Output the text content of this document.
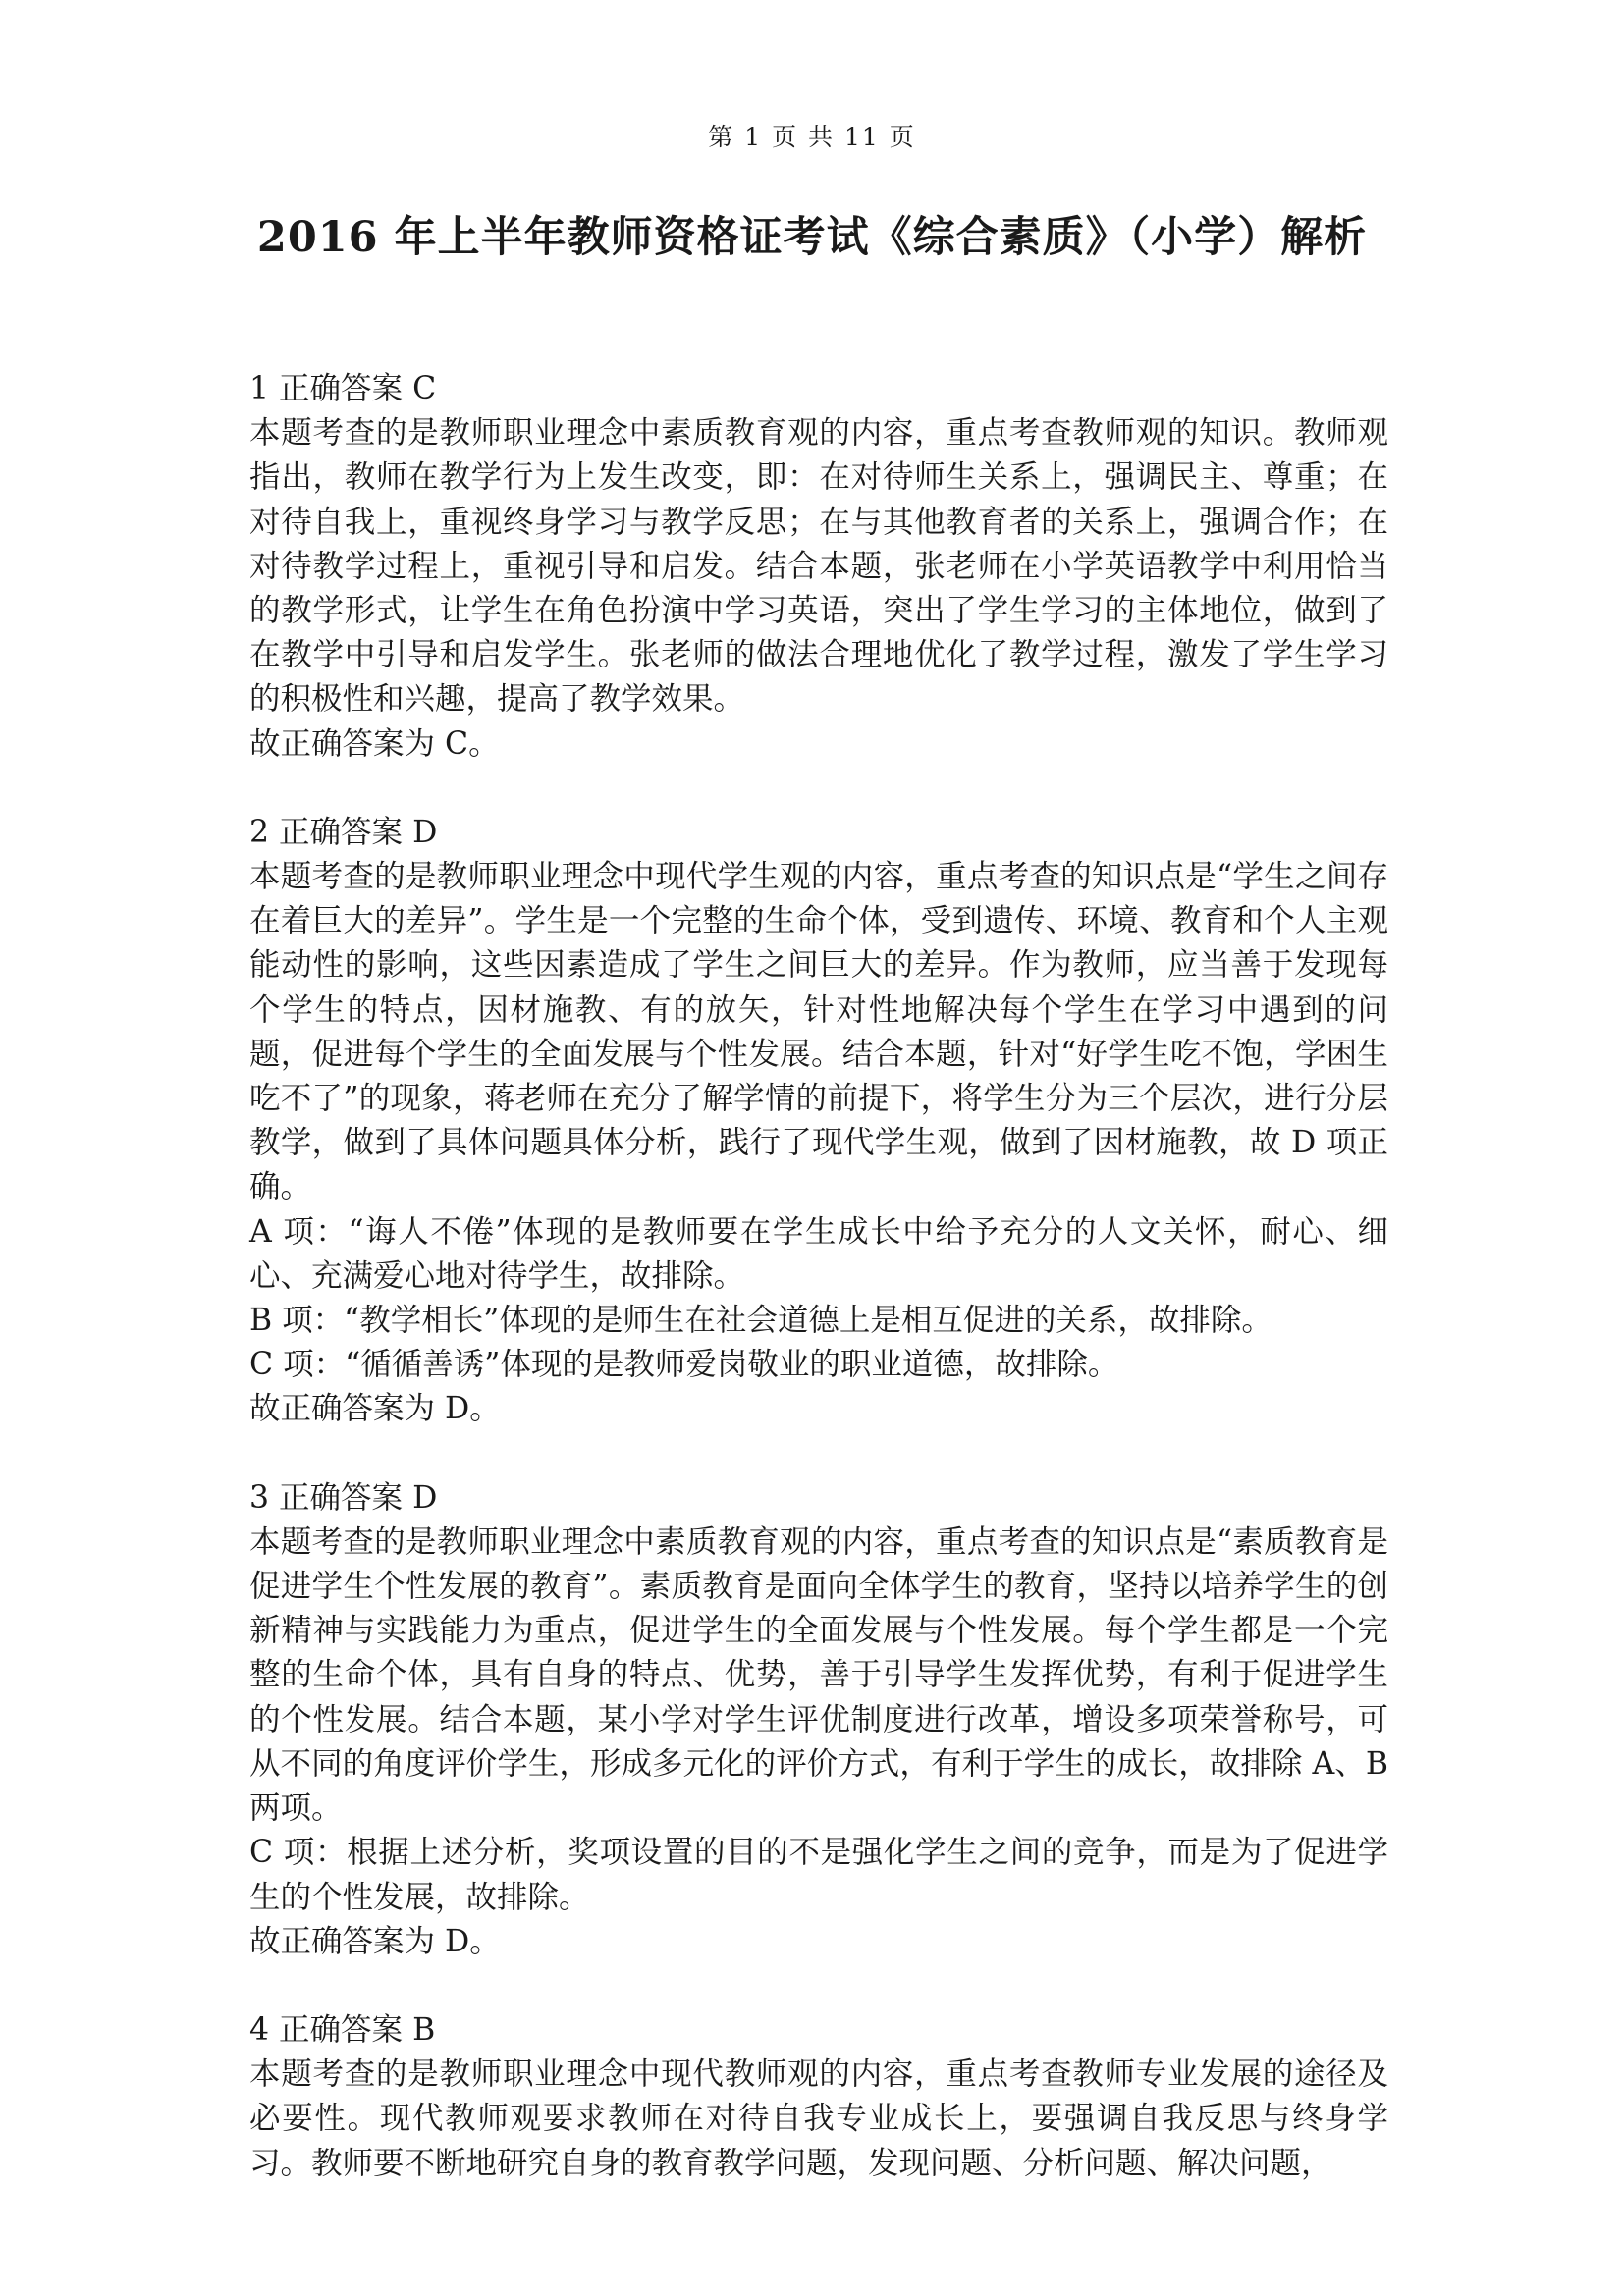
第 1 页 共 11 页
2016 年上半年教师资格证考试《综合素质》（小学）解析

1 正确答案 C

本题考查的是教师职业理念中素质教育观的内容，重点考查教师观的知识。教师观指出，教师在教学行为上发生改变，即：在对待师生关系上，强调民主、尊重；在对待自我上，重视终身学习与教学反思；在与其他教育者的关系上，强调合作；在对待教学过程上，重视引导和启发。结合本题，张老师在小学英语教学中利用恰当的教学形式，让学生在角色扮演中学习英语，突出了学生学习的主体地位，做到了在教学中引导和启发学生。张老师的做法合理地优化了教学过程，激发了学生学习的积极性和兴趣，提高了教学效果。

故正确答案为 C。

2 正确答案 D

本题考查的是教师职业理念中现代学生观的内容，重点考查的知识点是“学生之间存在着巨大的差异”。学生是一个完整的生命个体，受到遗传、环境、教育和个人主观能动性的影响，这些因素造成了学生之间巨大的差异。作为教师，应当善于发现每个学生的特点，因材施教、有的放矢，针对性地解决每个学生在学习中遇到的问题，促进每个学生的全面发展与个性发展。结合本题，针对“好学生吃不饱，学困生吃不了”的现象，蒋老师在充分了解学情的前提下，将学生分为三个层次，进行分层教学，做到了具体问题具体分析，践行了现代学生观，做到了因材施教，故 D 项正确。

A 项：“诲人不倦”体现的是教师要在学生成长中给予充分的人文关怀，耐心、细心、充满爱心地对待学生，故排除。

B 项：“教学相长”体现的是师生在社会道德上是相互促进的关系，故排除。

C 项：“循循善诱”体现的是教师爱岗敬业的职业道德，故排除。

故正确答案为 D。

3 正确答案 D

本题考查的是教师职业理念中素质教育观的内容，重点考查的知识点是“素质教育是促进学生个性发展的教育”。素质教育是面向全体学生的教育，坚持以培养学生的创新精神与实践能力为重点，促进学生的全面发展与个性发展。每个学生都是一个完整的生命个体，具有自身的特点、优势，善于引导学生发挥优势，有利于促进学生的个性发展。结合本题，某小学对学生评优制度进行改革，增设多项荣誉称号，可从不同的角度评价学生，形成多元化的评价方式，有利于学生的成长，故排除 A、B 两项。

C 项：根据上述分析，奖项设置的目的不是强化学生之间的竞争，而是为了促进学生的个性发展，故排除。

故正确答案为 D。

4 正确答案 B

本题考查的是教师职业理念中现代教师观的内容，重点考查教师专业发展的途径及必要性。现代教师观要求教师在对待自我专业成长上，要强调自我反思与终身学习。教师要不断地研究自身的教育教学问题，发现问题、分析问题、解决问题，
